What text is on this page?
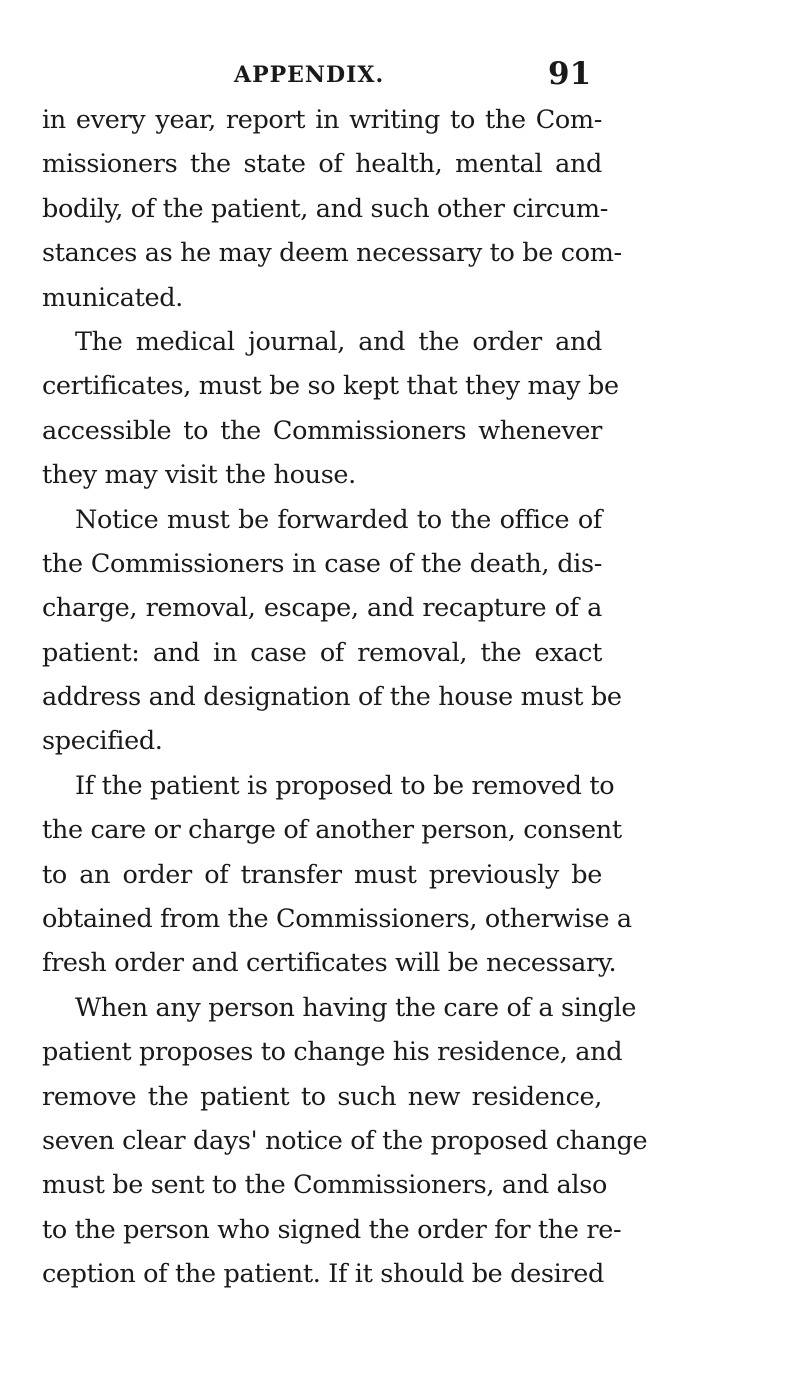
APPENDIX.	91
in every year, report in writing to the Com-
missioners the state of health, mental and
bodily, of the patient, and such other circum-
stances as he may deem necessary to be com-
municated.
The medical journal, and the order and
certificates, must be so kept that they may be
accessible to the Commissioners whenever
they may visit the house.
Notice must be forwarded to the office of
the Commissioners in case of the death, dis-
charge, removal, escape, and recapture of a
patient: and in case of removal, the exact
address and designation of the house must be
specified.
If the patient is proposed to be removed to
the care or charge of another person, consent
to an order of transfer must previously be
obtained from the Commissioners, otherwise a
fresh order and certificates will be necessary.
When any person having the care of a single
patient proposes to change his residence, and
remove the patient to such new residence,
seven clear days' notice of the proposed change
must be sent to the Commissioners, and also
to the person who signed the order for the re-
ception of the patient. If it should be desired
